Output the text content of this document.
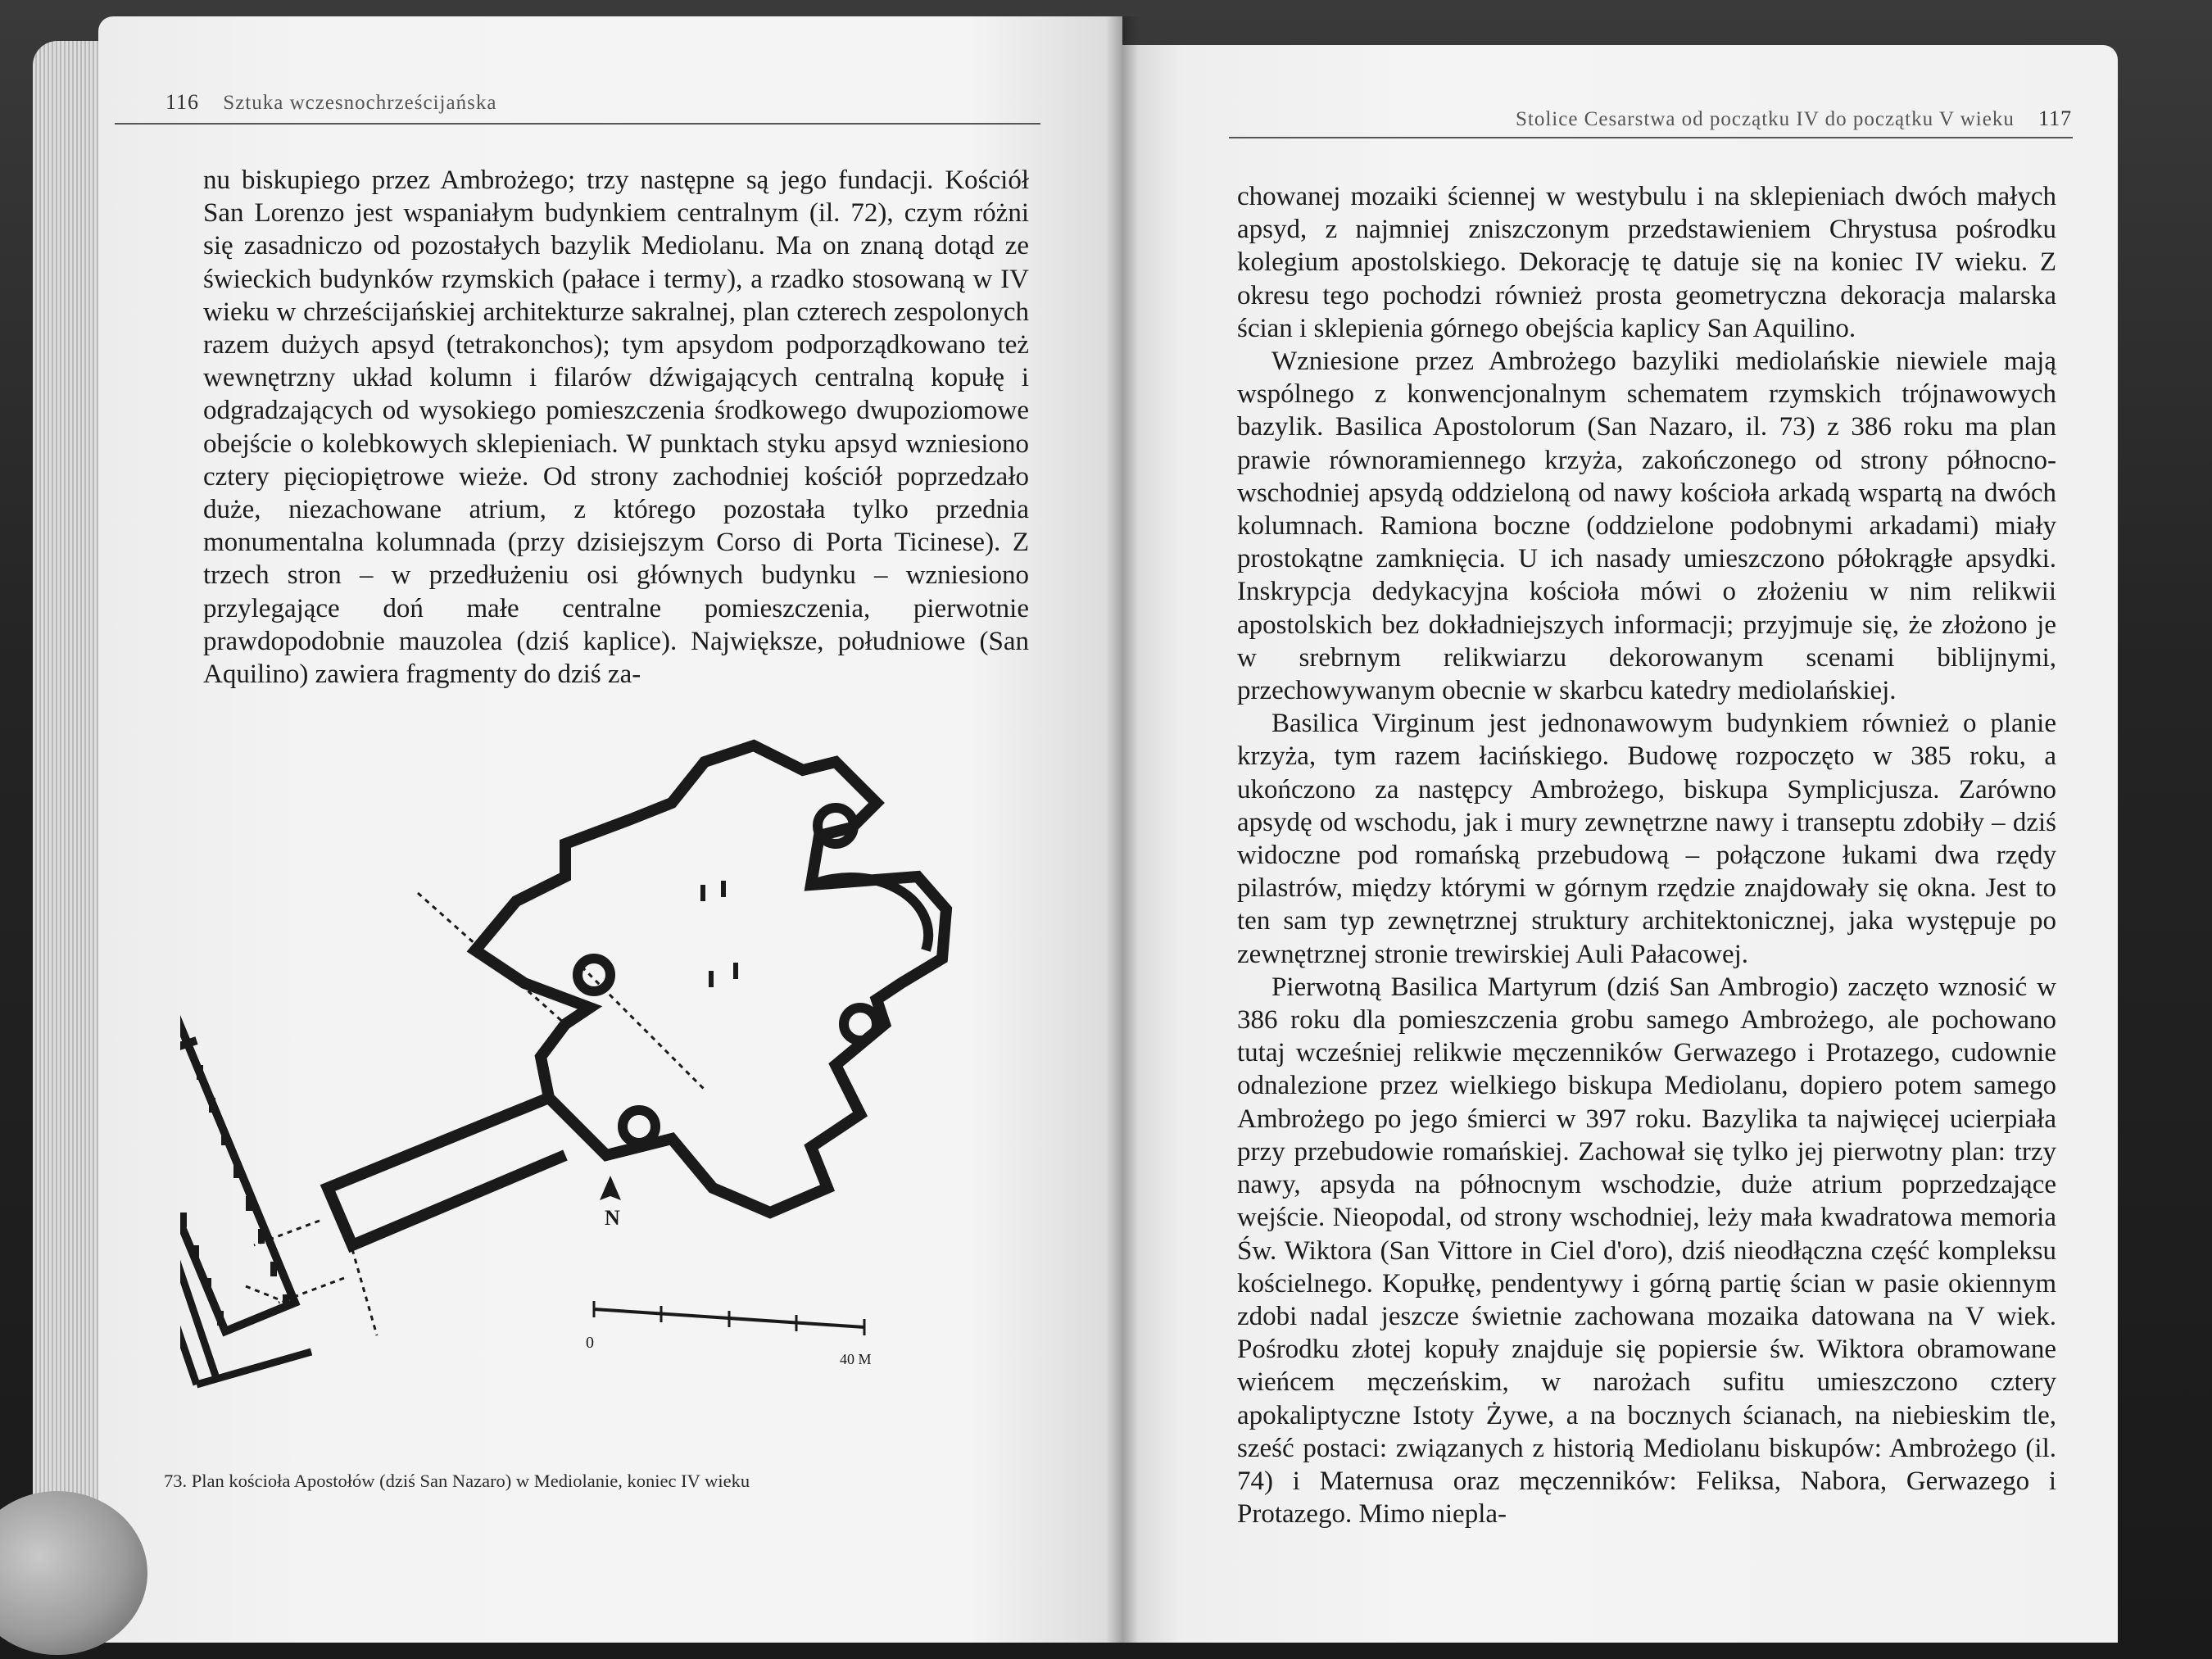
116 Sztuka wczesnochrześcijańska

nu biskupiego przez Ambrożego; trzy następne są jego fundacji. Kościół San Lorenzo jest wspaniałym budynkiem centralnym (il. 72), czym różni się zasadniczo od pozostałych bazylik Mediolanu. Ma on znaną dotąd ze świeckich budynków rzymskich (pałace i termy), a rzadko stosowaną w IV wieku w chrześcijańskiej architekturze sakralnej, plan czterech zespolonych razem dużych apsyd (tetrakonchos); tym apsydom podporządkowano też wewnętrzny układ kolumn i filarów dźwigających centralną kopułę i odgradzających od wysokiego pomieszczenia środkowego dwupoziomowe obejście o kolebkowych sklepieniach. W punktach styku apsyd wzniesiono cztery pięciopiętrowe wieże. Od strony zachodniej kościół poprzedzało duże, niezachowane atrium, z którego pozostała tylko przednia monumentalna kolumnada (przy dzisiejszym Corso di Porta Ticinese). Z trzech stron – w przedłużeniu osi głównych budynku – wzniesiono przylegające doń małe centralne pomieszczenia, pierwotnie prawdopodobnie mauzolea (dziś kaplice). Największe, południowe (San Aquilino) zawiera fragmenty do dziś za-

73. Plan kościoła Apostołów (dziś San Nazaro) w Mediolanie, koniec IV wieku
N
0
40 M
Stolice Cesarstwa od początku IV do początku V wieku 117

chowanej mozaiki ściennej w westybulu i na sklepieniach dwóch małych apsyd, z najmniej zniszczonym przedstawieniem Chrystusa pośrodku kolegium apostolskiego. Dekorację tę datuje się na koniec IV wieku. Z okresu tego pochodzi również prosta geometryczna dekoracja malarska ścian i sklepienia górnego obejścia kaplicy San Aquilino.

Wzniesione przez Ambrożego bazyliki mediolańskie niewiele mają wspólnego z konwencjonalnym schematem rzymskich trójnawowych bazylik. Basilica Apostolorum (San Nazaro, il. 73) z 386 roku ma plan prawie równoramiennego krzyża, zakończonego od strony północno-wschodniej apsydą oddzieloną od nawy kościoła arkadą wspartą na dwóch kolumnach. Ramiona boczne (oddzielone podobnymi arkadami) miały prostokątne zamknięcia. U ich nasady umieszczono półokrągłe apsydki. Inskrypcja dedykacyjna kościoła mówi o złożeniu w nim relikwii apostolskich bez dokładniejszych informacji; przyjmuje się, że złożono je w srebrnym relikwiarzu dekorowanym scenami biblijnymi, przechowywanym obecnie w skarbcu katedry mediolańskiej.

Basilica Virginum jest jednonawowym budynkiem również o planie krzyża, tym razem łacińskiego. Budowę rozpoczęto w 385 roku, a ukończono za następcy Ambrożego, biskupa Symplicjusza. Zarówno apsydę od wschodu, jak i mury zewnętrzne nawy i transeptu zdobiły – dziś widoczne pod romańską przebudową – połączone łukami dwa rzędy pilastrów, między którymi w górnym rzędzie znajdowały się okna. Jest to ten sam typ zewnętrznej struktury architektonicznej, jaka występuje po zewnętrznej stronie trewirskiej Auli Pałacowej.

Pierwotną Basilica Martyrum (dziś San Ambrogio) zaczęto wznosić w 386 roku dla pomieszczenia grobu samego Ambrożego, ale pochowano tutaj wcześniej relikwie męczenników Gerwazego i Protazego, cudownie odnalezione przez wielkiego biskupa Mediolanu, dopiero potem samego Ambrożego po jego śmierci w 397 roku. Bazylika ta najwięcej ucierpiała przy przebudowie romańskiej. Zachował się tylko jej pierwotny plan: trzy nawy, apsyda na północnym wschodzie, duże atrium poprzedzające wejście. Nieopodal, od strony wschodniej, leży mała kwadratowa memoria Św. Wiktora (San Vittore in Ciel d'oro), dziś nieodłączna część kompleksu kościelnego. Kopułkę, pendentywy i górną partię ścian w pasie okiennym zdobi nadal jeszcze świetnie zachowana mozaika datowana na V wiek. Pośrodku złotej kopuły znajduje się popiersie św. Wiktora obramowane wieńcem męczeńskim, w narożach sufitu umieszczono cztery apokaliptyczne Istoty Żywe, a na bocznych ścianach, na niebieskim tle, sześć postaci: związanych z historią Mediolanu biskupów: Ambrożego (il. 74) i Maternusa oraz męczenników: Feliksa, Nabora, Gerwazego i Protazego. Mimo niepla-
